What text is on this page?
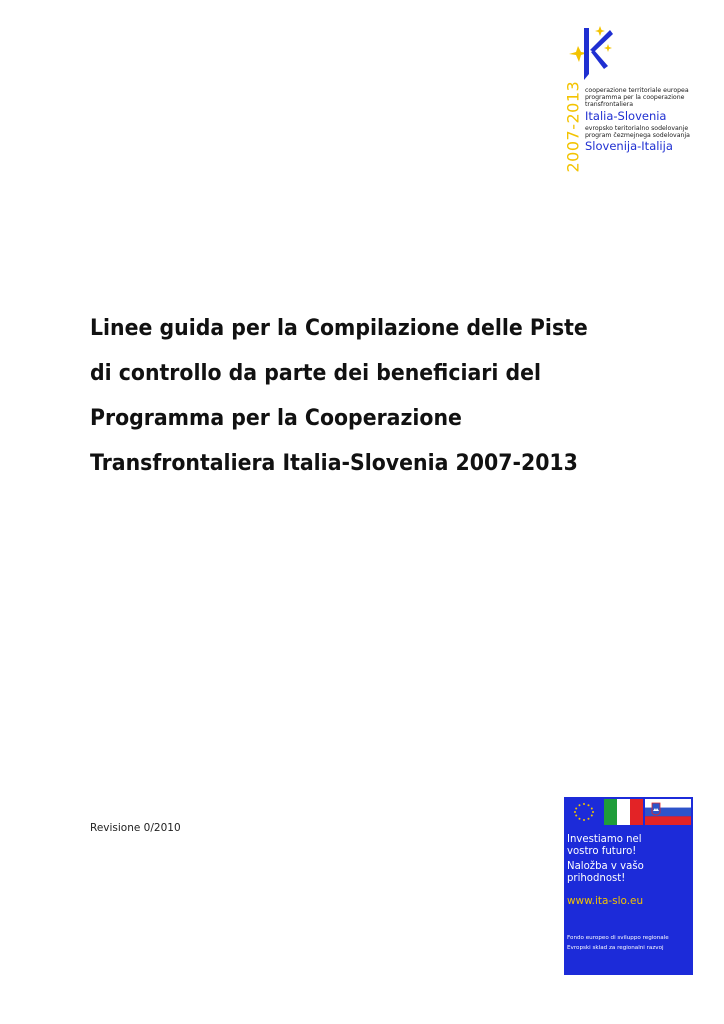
2007-2013 cooperazione territoriale europea
programma per la cooperazione
transfrontaliera
Italia-Slovenia
evropsko teritorialno sodelovanje
program čezmejnega sodelovanja
Slovenija-Italija
Linee guida per la Compilazione delle Piste
di controllo da parte dei beneficiari del
Programma per la Cooperazione
Transfrontaliera Italia-Slovenia 2007-2013
Revisione 0/2010
Investiamo nel
vostro futuro!
Naložba v vašo
prihodnost!
www.ita-slo.eu
Fondo europeo di sviluppo regionale
Evropski sklad za regionalni razvoj
